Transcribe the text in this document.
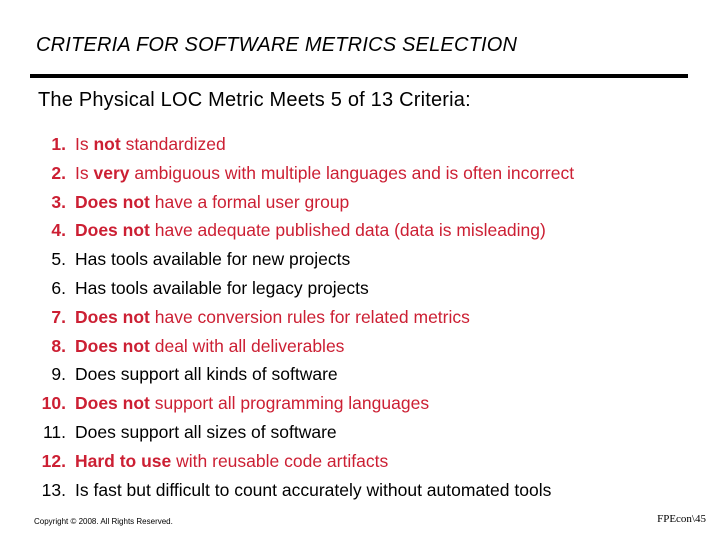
CRITERIA FOR SOFTWARE METRICS SELECTION
The Physical LOC Metric Meets 5 of 13 Criteria:
1. Is not standardized
2. Is very ambiguous with multiple languages and is often incorrect
3. Does not have a formal user group
4. Does not have adequate published data (data is misleading)
5. Has tools available for new projects
6. Has tools available for legacy projects
7. Does not have conversion rules for related metrics
8. Does not deal with all deliverables
9. Does support all kinds of software
10. Does not support all programming languages
11. Does support all sizes of software
12. Hard to use with reusable code artifacts
13. Is fast but difficult to count accurately without automated tools
Copyright © 2008. All Rights Reserved.	FPEcon\45
